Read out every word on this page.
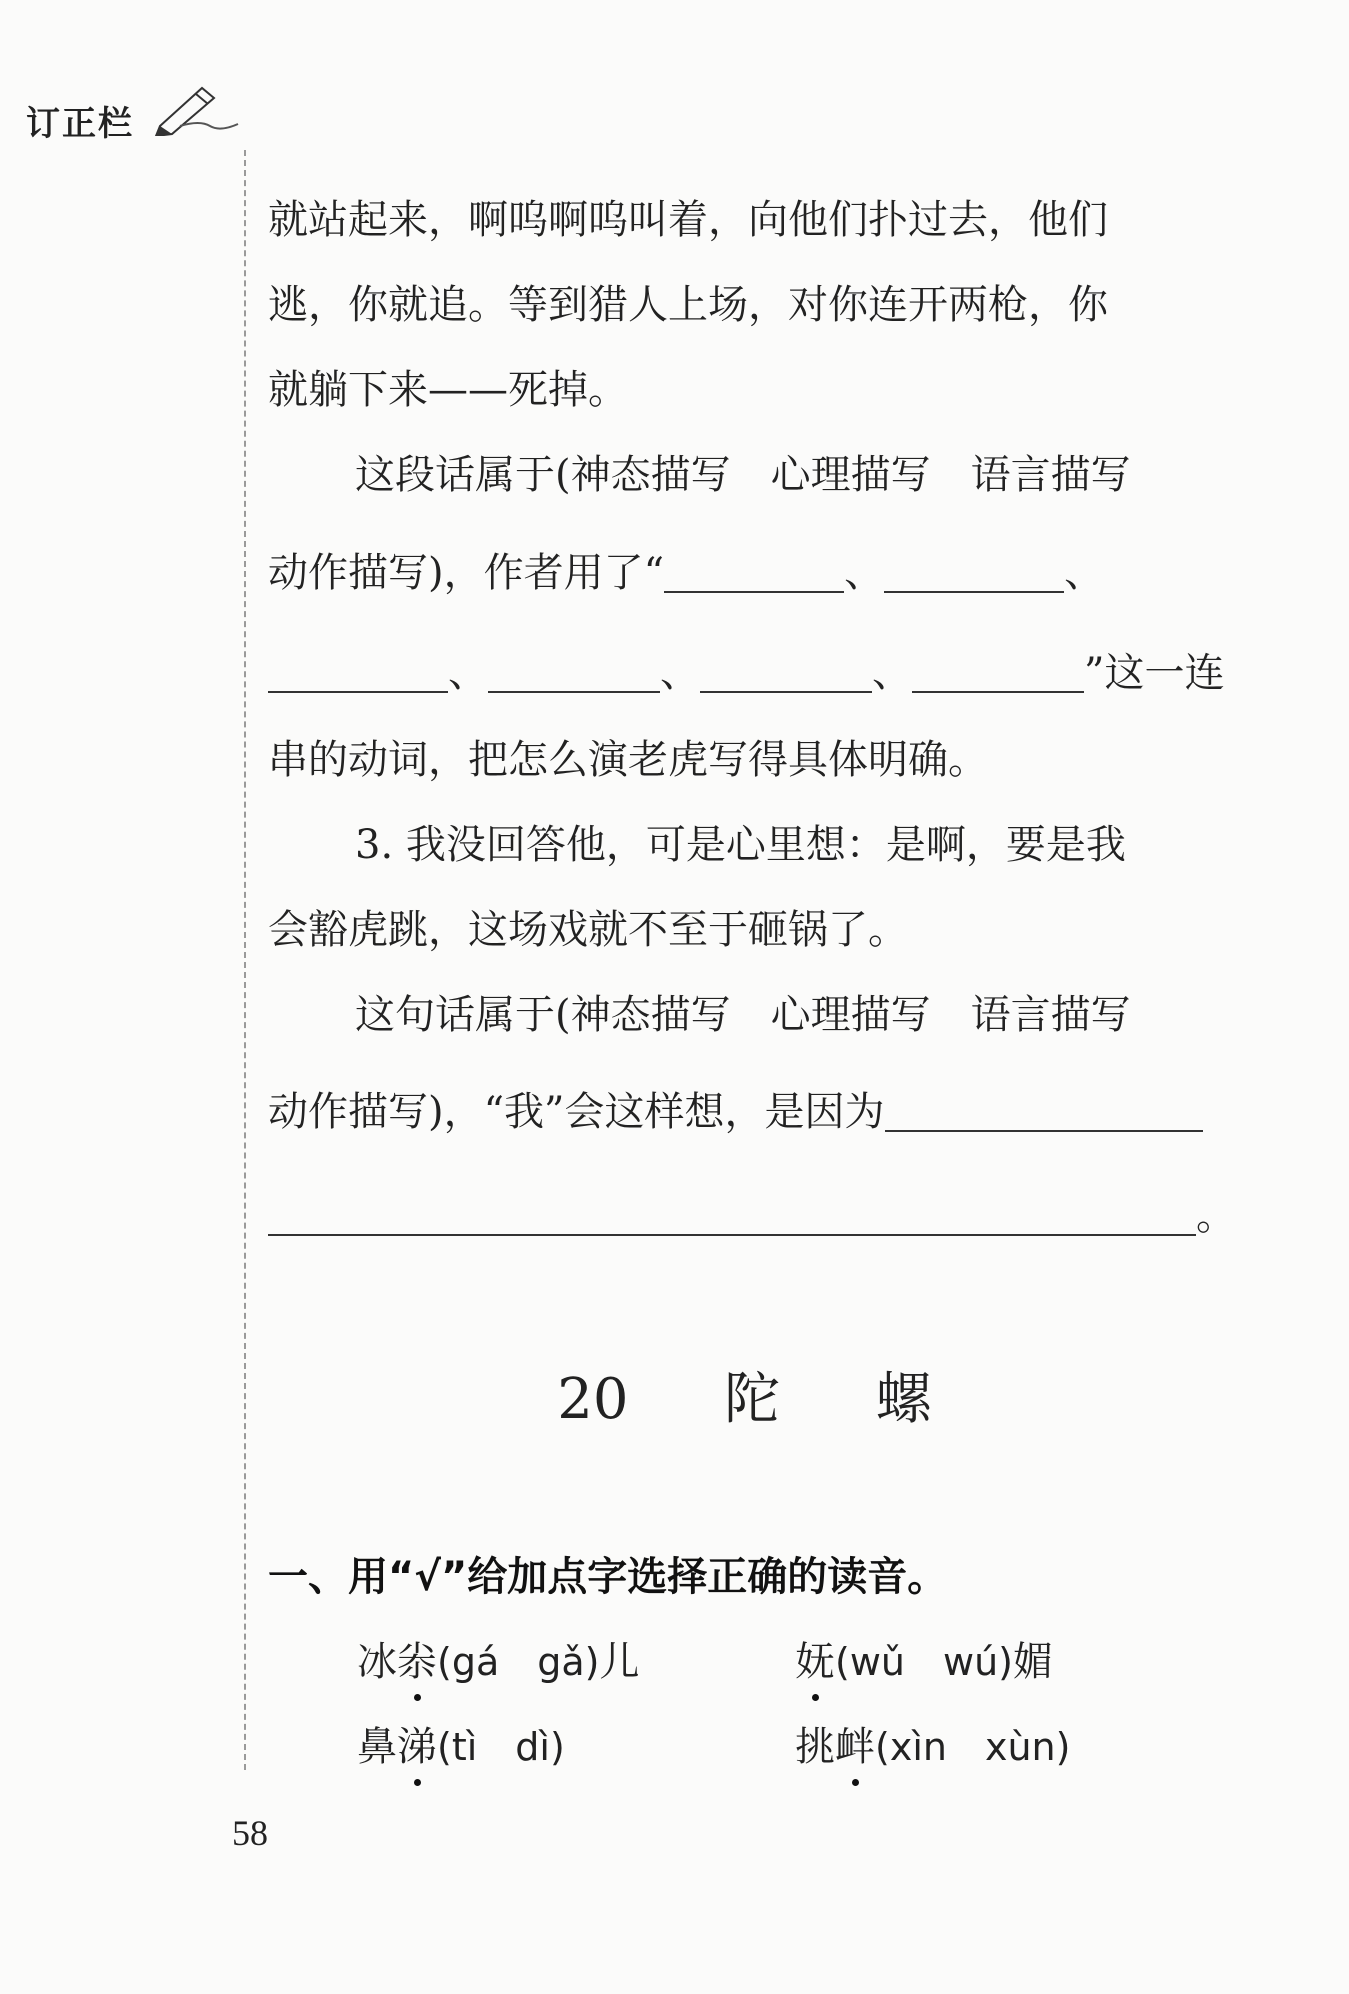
订正栏
就站起来，啊呜啊呜叫着，向他们扑过去，他们
逃，你就追。等到猎人上场，对你连开两枪，你
就躺下来——死掉。
这段话属于(神态描写　心理描写　语言描写
动作描写)，作者用了“	、	、
、	、	、	”这一连
串的动词，把怎么演老虎写得具体明确。
3. 我没回答他，可是心里想：是啊，要是我
会豁虎跳，这场戏就不至于砸锅了。
这句话属于(神态描写　心理描写　语言描写
动作描写)，“我”会这样想，是因为
。
20 陀 螺
一、用“√”给加点字选择正确的读音。
冰尜(gá　gǎ)儿	妩(wǔ　wú)媚
鼻涕(tì　dì)	挑衅(xìn　xùn)
58
